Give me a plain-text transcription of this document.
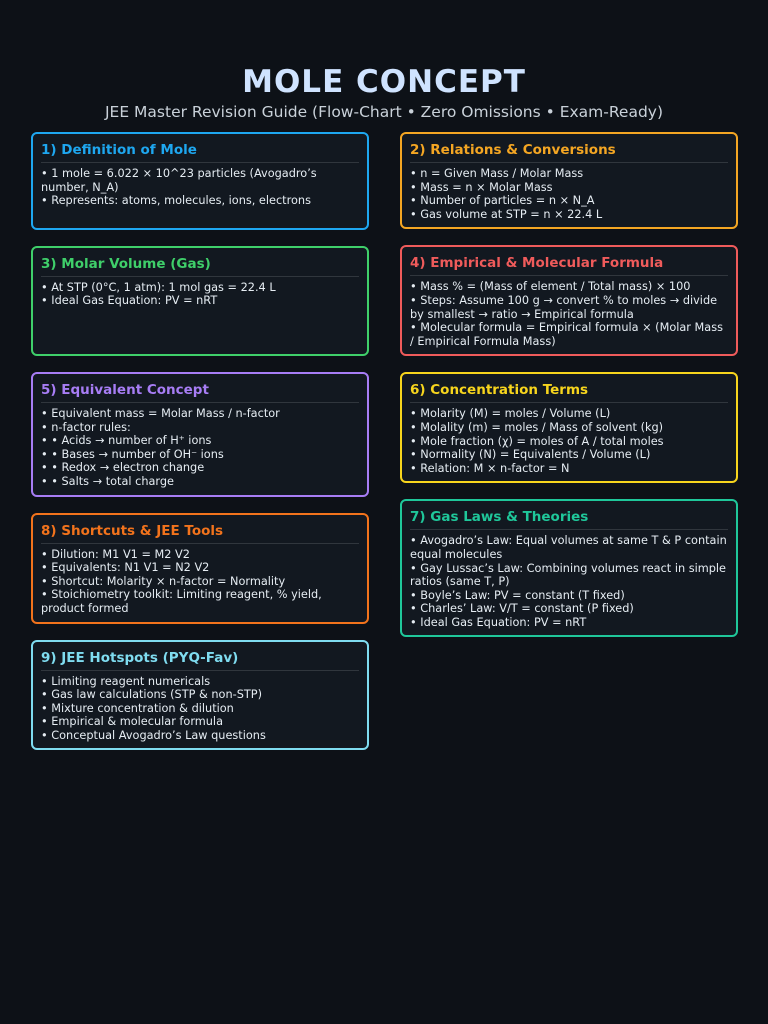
MOLE CONCEPT
JEE Master Revision Guide (Flow-Chart • Zero Omissions • Exam-Ready)
1) Definition of Mole
• 1 mole = 6.022 × 10^23 particles (Avogadro’s number, N_A)
• Represents: atoms, molecules, ions, electrons
3) Molar Volume (Gas)
• At STP (0°C, 1 atm): 1 mol gas = 22.4 L
• Ideal Gas Equation: PV = nRT
5) Equivalent Concept
• Equivalent mass = Molar Mass / n-factor
• n-factor rules:
• • Acids → number of H⁺ ions
• • Bases → number of OH⁻ ions
• • Redox → electron change
• • Salts → total charge
8) Shortcuts & JEE Tools
• Dilution: M1 V1 = M2 V2
• Equivalents: N1 V1 = N2 V2
• Shortcut: Molarity × n-factor = Normality
• Stoichiometry toolkit: Limiting reagent, % yield, product formed
9) JEE Hotspots (PYQ-Fav)
• Limiting reagent numericals
• Gas law calculations (STP & non-STP)
• Mixture concentration & dilution
• Empirical & molecular formula
• Conceptual Avogadro’s Law questions
2) Relations & Conversions
• n = Given Mass / Molar Mass
• Mass = n × Molar Mass
• Number of particles = n × N_A
• Gas volume at STP = n × 22.4 L
4) Empirical & Molecular Formula
• Mass % = (Mass of element / Total mass) × 100
• Steps: Assume 100 g → convert % to moles → divide by smallest → ratio → Empirical formula
• Molecular formula = Empirical formula × (Molar Mass / Empirical Formula Mass)
6) Concentration Terms
• Molarity (M) = moles / Volume (L)
• Molality (m) = moles / Mass of solvent (kg)
• Mole fraction (χ) = moles of A / total moles
• Normality (N) = Equivalents / Volume (L)
• Relation: M × n-factor = N
7) Gas Laws & Theories
• Avogadro’s Law: Equal volumes at same T & P contain equal molecules
• Gay Lussac’s Law: Combining volumes react in simple ratios (same T, P)
• Boyle’s Law: PV = constant (T fixed)
• Charles’ Law: V/T = constant (P fixed)
• Ideal Gas Equation: PV = nRT
